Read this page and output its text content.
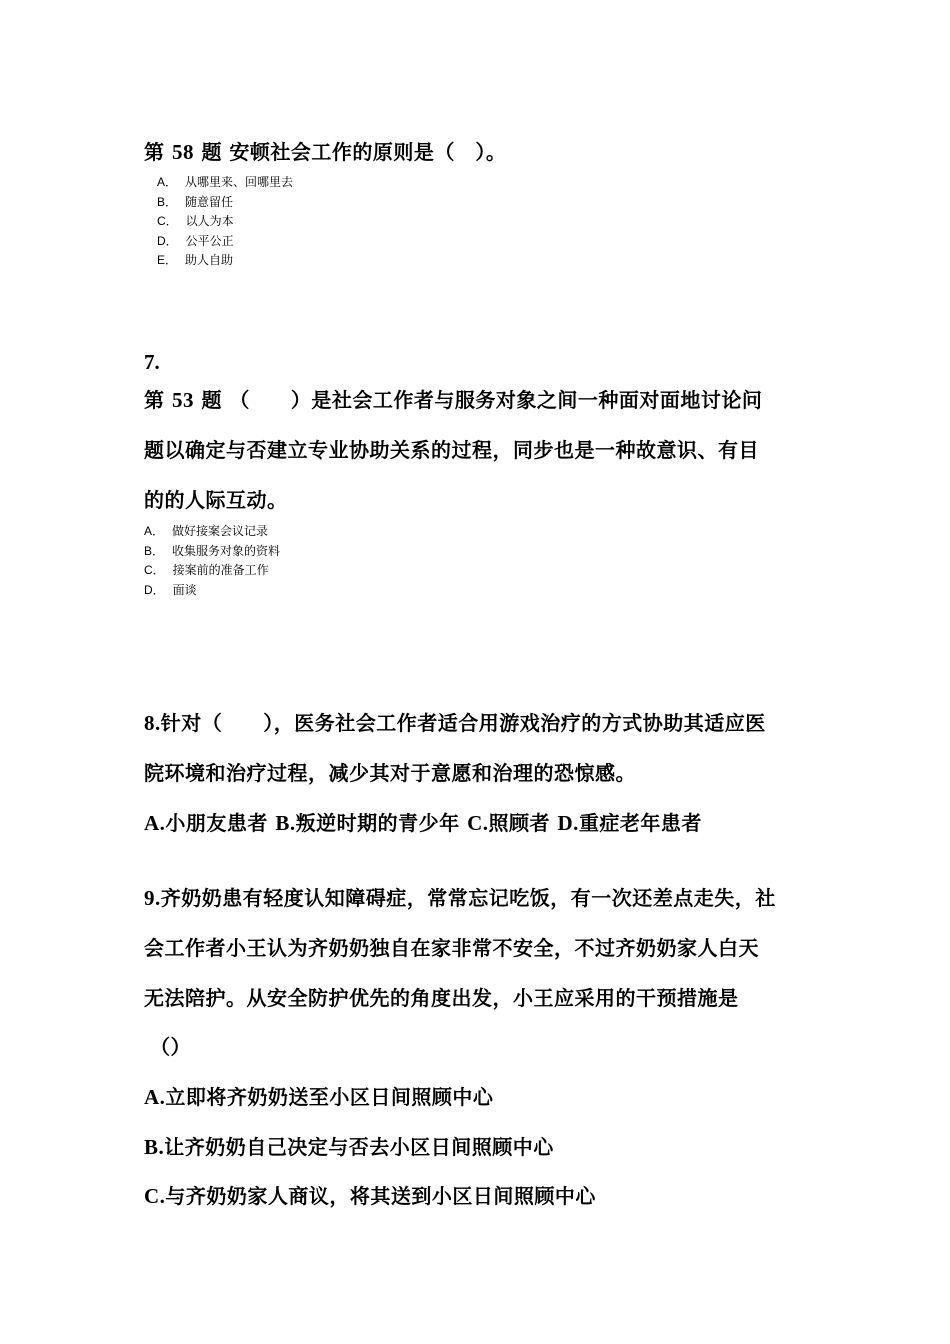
第 58 题 安顿社会工作的原则是（　）。
A． 从哪里来、回哪里去
B． 随意留任
C． 以人为本
D． 公平公正
E． 助人自助
7.
第 53 题 （　　）是社会工作者与服务对象之间一种面对面地讨论问
题以确定与否建立专业协助关系的过程，同步也是一种故意识、有目
的的人际互动。
A． 做好接案会议记录
B． 收集服务对象的资料
C． 接案前的准备工作
D． 面谈
8.针对（　　），医务社会工作者适合用游戏治疗的方式协助其适应医
院环境和治疗过程，减少其对于意愿和治理的恐惊感。
A.小朋友患者 B.叛逆时期的青少年 C.照顾者 D.重症老年患者
9.齐奶奶患有轻度认知障碍症，常常忘记吃饭，有一次还差点走失，社
会工作者小王认为齐奶奶独自在家非常不安全，不过齐奶奶家人白天
无法陪护。从安全防护优先的角度出发，小王应采用的干预措施是
（）
A.立即将齐奶奶送至小区日间照顾中心
B.让齐奶奶自己决定与否去小区日间照顾中心
C.与齐奶奶家人商议，将其送到小区日间照顾中心
